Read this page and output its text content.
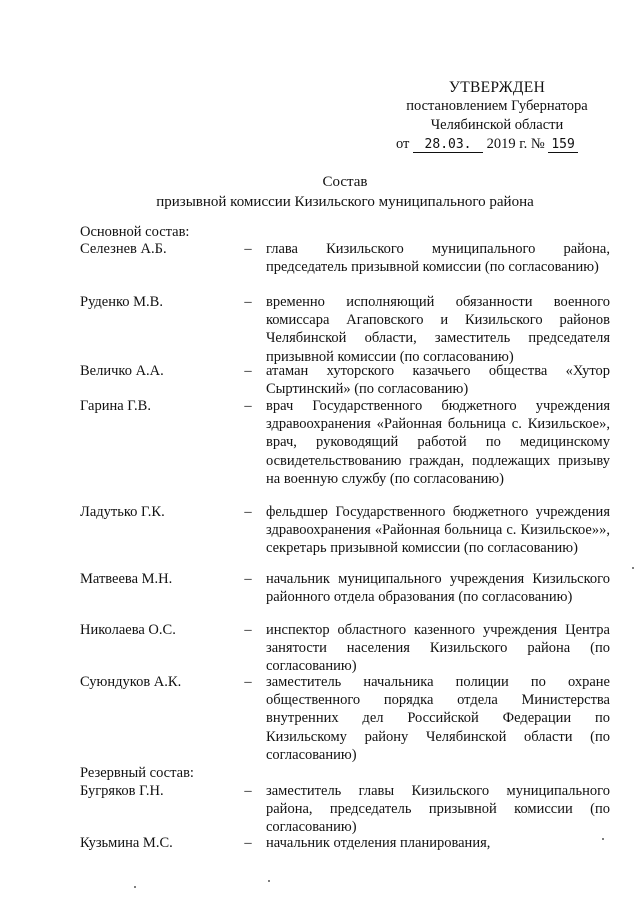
УТВЕРЖДЕН
постановлением Губернатора
Челябинской области
от 28.03. 2019 г. № 159
Состав
призывной комиссии Кизильского муниципального района
Основной состав:
Селезнев А.Б.	– глава Кизильского муниципального района, председатель призывной комиссии (по согласованию)
Руденко М.В.	– временно исполняющий обязанности военного комиссара Агаповского и Кизильского районов Челябинской области, заместитель председателя призывной комиссии (по согласованию)
Величко А.А.	– атаман хуторского казачьего общества «Хутор Сыртинский» (по согласованию)
Гарина Г.В.	– врач Государственного бюджетного учреждения здравоохранения «Районная больница с. Кизильское», врач, руководящий работой по медицинскому освидетельствованию граждан, подлежащих призыву на военную службу (по согласованию)
Ладутько Г.К.	– фельдшер Государственного бюджетного учреждения здравоохранения «Районная больница с. Кизильское»», секретарь призывной комиссии (по согласованию)
Матвеева М.Н.	– начальник муниципального учреждения Кизильского районного отдела образования (по согласованию)
Николаева О.С.	– инспектор областного казенного учреждения Центра занятости населения Кизильского района (по согласованию)
Суюндуков А.К.	– заместитель начальника полиции по охране общественного порядка отдела Министерства внутренних дел Российской Федерации по Кизильскому району Челябинской области (по согласованию)
Резервный состав:
Бугряков Г.Н.	– заместитель главы Кизильского муниципального района, председатель призывной комиссии (по согласованию)
Кузьмина М.С.	– начальник отделения планирования,
